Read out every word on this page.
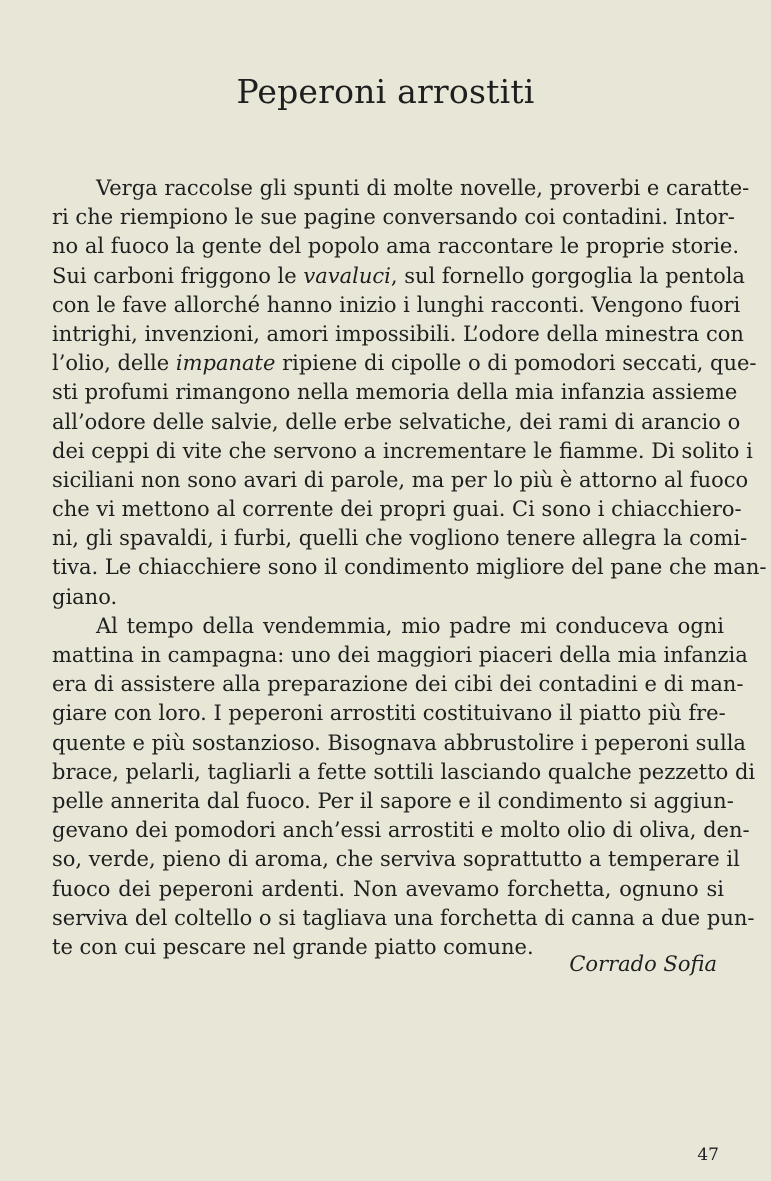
Peperoni arrostiti
Verga raccolse gli spunti di molte novelle, proverbi e caratte-
ri che riempiono le sue pagine conversando coi contadini. Intor-
no al fuoco la gente del popolo ama raccontare le proprie storie.
Sui carboni friggono le vavaluci, sul fornello gorgoglia la pentola
con le fave allorché hanno inizio i lunghi racconti. Vengono fuori
intrighi, invenzioni, amori impossibili. L’odore della minestra con
l’olio, delle impanate ripiene di cipolle o di pomodori seccati, que-
sti profumi rimangono nella memoria della mia infanzia assieme
all’odore delle salvie, delle erbe selvatiche, dei rami di arancio o
dei ceppi di vite che servono a incrementare le fiamme. Di solito i
siciliani non sono avari di parole, ma per lo più è attorno al fuoco
che vi mettono al corrente dei propri guai. Ci sono i chiacchiero-
ni, gli spavaldi, i furbi, quelli che vogliono tenere allegra la comi-
tiva. Le chiacchiere sono il condimento migliore del pane che man-
giano.
Al tempo della vendemmia, mio padre mi conduceva ogni
mattina in campagna: uno dei maggiori piaceri della mia infanzia
era di assistere alla preparazione dei cibi dei contadini e di man-
giare con loro. I peperoni arrostiti costituivano il piatto più fre-
quente e più sostanzioso. Bisognava abbrustolire i peperoni sulla
brace, pelarli, tagliarli a fette sottili lasciando qualche pezzetto di
pelle annerita dal fuoco. Per il sapore e il condimento si aggiun-
gevano dei pomodori anch’essi arrostiti e molto olio di oliva, den-
so, verde, pieno di aroma, che serviva soprattutto a temperare il
fuoco dei peperoni ardenti. Non avevamo forchetta, ognuno si
serviva del coltello o si tagliava una forchetta di canna a due pun-
te con cui pescare nel grande piatto comune.

Corrado Sofia

47
